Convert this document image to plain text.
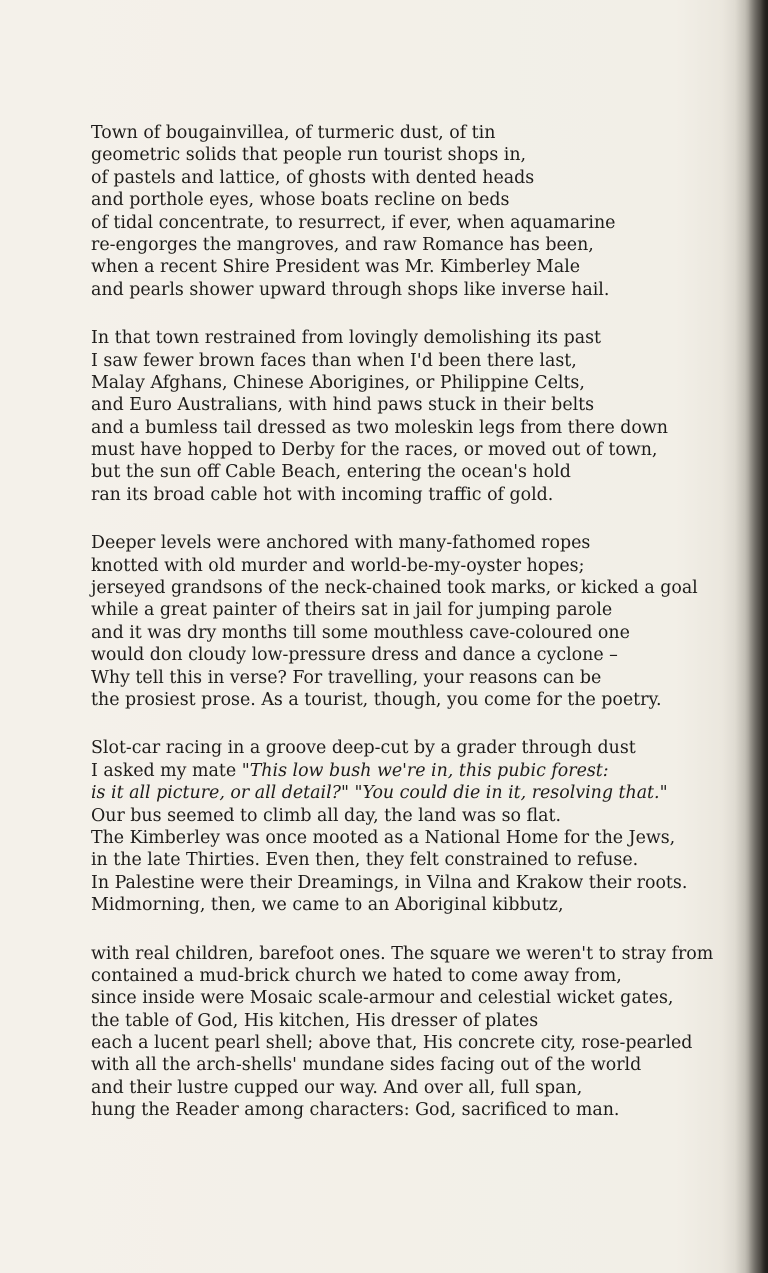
Town of bougainvillea, of turmeric dust, of tin
geometric solids that people run tourist shops in,
of pastels and lattice, of ghosts with dented heads
and porthole eyes, whose boats recline on beds
of tidal concentrate, to resurrect, if ever, when aquamarine
re-engorges the mangroves, and raw Romance has been,
when a recent Shire President was Mr. Kimberley Male
and pearls shower upward through shops like inverse hail.
In that town restrained from lovingly demolishing its past
I saw fewer brown faces than when I'd been there last,
Malay Afghans, Chinese Aborigines, or Philippine Celts,
and Euro Australians, with hind paws stuck in their belts
and a bumless tail dressed as two moleskin legs from there down
must have hopped to Derby for the races, or moved out of town,
but the sun off Cable Beach, entering the ocean's hold
ran its broad cable hot with incoming traffic of gold.
Deeper levels were anchored with many-fathomed ropes
knotted with old murder and world-be-my-oyster hopes;
jerseyed grandsons of the neck-chained took marks, or kicked a goal
while a great painter of theirs sat in jail for jumping parole
and it was dry months till some mouthless cave-coloured one
would don cloudy low-pressure dress and dance a cyclone –
Why tell this in verse? For travelling, your reasons can be
the prosiest prose. As a tourist, though, you come for the poetry.
Slot-car racing in a groove deep-cut by a grader through dust
I asked my mate "This low bush we're in, this pubic forest:
is it all picture, or all detail?" "You could die in it, resolving that."
Our bus seemed to climb all day, the land was so flat.
The Kimberley was once mooted as a National Home for the Jews,
in the late Thirties. Even then, they felt constrained to refuse.
In Palestine were their Dreamings, in Vilna and Krakow their roots.
Midmorning, then, we came to an Aboriginal kibbutz,
with real children, barefoot ones. The square we weren't to stray from
contained a mud-brick church we hated to come away from,
since inside were Mosaic scale-armour and celestial wicket gates,
the table of God, His kitchen, His dresser of plates
each a lucent pearl shell; above that, His concrete city, rose-pearled
with all the arch-shells' mundane sides facing out of the world
and their lustre cupped our way. And over all, full span,
hung the Reader among characters: God, sacrificed to man.
